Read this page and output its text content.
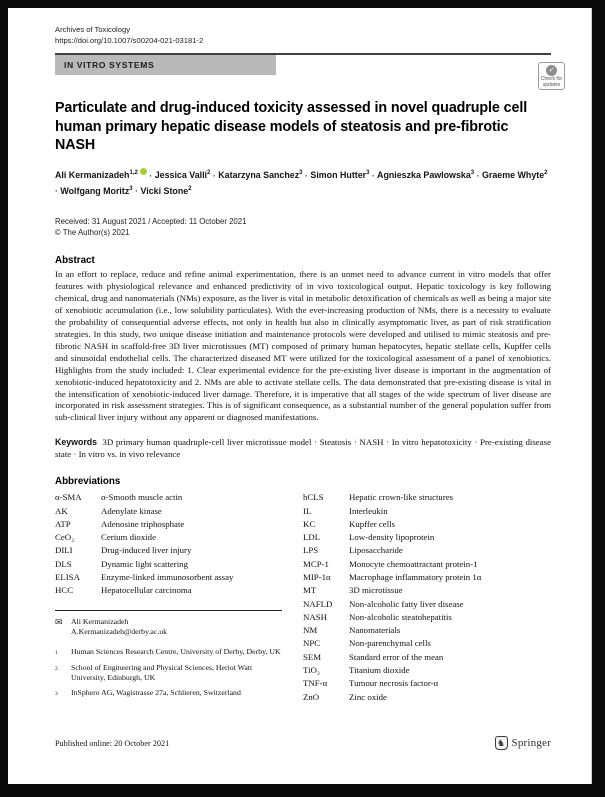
Archives of Toxicology
https://doi.org/10.1007/s00204-021-03181-2
IN VITRO SYSTEMS	✓
Check for updates
Particulate and drug-induced toxicity assessed in novel quadruple cell human primary hepatic disease models of steatosis and pre-fibrotic NASH
Ali Kermanizadeh$^{1,2}$ · Jessica Valli$^2$ · Katarzyna Sanchez$^3$ · Simon Hutter$^3$ · Agnieszka Pawlowska$^3$ · Graeme Whyte$^2$ · Wolfgang Moritz$^3$ · Vicki Stone$^2$
Received: 31 August 2021 / Accepted: 11 October 2021
© The Author(s) 2021
Abstract
In an effort to replace, reduce and refine animal experimentation, there is an unmet need to advance current in vitro models that offer features with physiological relevance and enhanced predictivity of in vivo toxicological output. Hepatic toxicology is key following chemical, drug and nanomaterials (NMs) exposure, as the liver is vital in metabolic detoxification of chemicals as well as being a major site of xenobiotic accumulation (i.e., low solubility particulates). With the ever-increasing production of NMs, there is a necessity to evaluate the probability of consequential adverse effects, not only in health but also in clinically asymptomatic liver, as part of risk stratification strategies. In this study, two unique disease initiation and maintenance protocols were developed and utilised to mimic steatosis and pre-fibrotic NASH in scaffold-free 3D liver microtissues (MT) composed of primary human hepatocytes, hepatic stellate cells, Kupffer cells and sinusoidal endothelial cells. The characterized diseased MT were utilized for the toxicological assessment of a panel of xenobiotics. Highlights from the study included: 1. Clear experimental evidence for the pre-existing liver disease is important in the augmentation of xenobiotic-induced hepatotoxicity and 2. NMs are able to activate stellate cells. The data demonstrated that pre-existing disease is vital in the intensification of xenobiotic-induced liver damage. Therefore, it is imperative that all stages of the wide spectrum of liver disease are incorporated in risk assessment strategies. This is of significant consequence, as a substantial number of the general population suffer from sub-clinical liver injury without any apparent or diagnosed manifestations.
Keywords 3D primary human quadruple-cell liver microtissue model · Steatosis · NASH · In vitro hepatotoxicity · Pre-existing disease state · In vitro vs. in vivo relevance
Abbreviations
α-SMA	α-Smooth muscle actin
AK	Adenylate kinase
ATP	Adenosine triphosphate
CeO₂	Cerium dioxide
DILI	Drug-induced liver injury
DLS	Dynamic light scattering
ELISA	Enzyme-linked immunosorbent assay
HCC	Hepatocellular carcinoma
✉	Ali Kermanizadeh
A.Kermanizadeh@derby.ac.uk
1	Human Sciences Research Centre, University of Derby, Derby, UK
2	School of Engineering and Physical Sciences, Heriot Watt University, Edinburgh, UK
3	InSphero AG, Wagistrasse 27a, Schlieren, Switzerland
hCLS	Hepatic crown-like structures
IL	Interleukin
KC	Kupffer cells
LDL	Low-density lipoprotein
LPS	Liposaccharide
MCP-1	Monocyte chemoattractant protein-1
MIP-1α	Macrophage inflammatory protein 1α
MT	3D microtissue
NAFLD	Non-alcoholic fatty liver disease
NASH	Non-alcoholic steatohepatitis
NM	Nanomaterials
NPC	Non-parenchymal cells
SEM	Standard error of the mean
TiO₂	Titanium dioxide
TNF-α	Tumour necrosis factor-α
ZnO	Zinc oxide
Published online: 20 October 2021	♞ Springer
